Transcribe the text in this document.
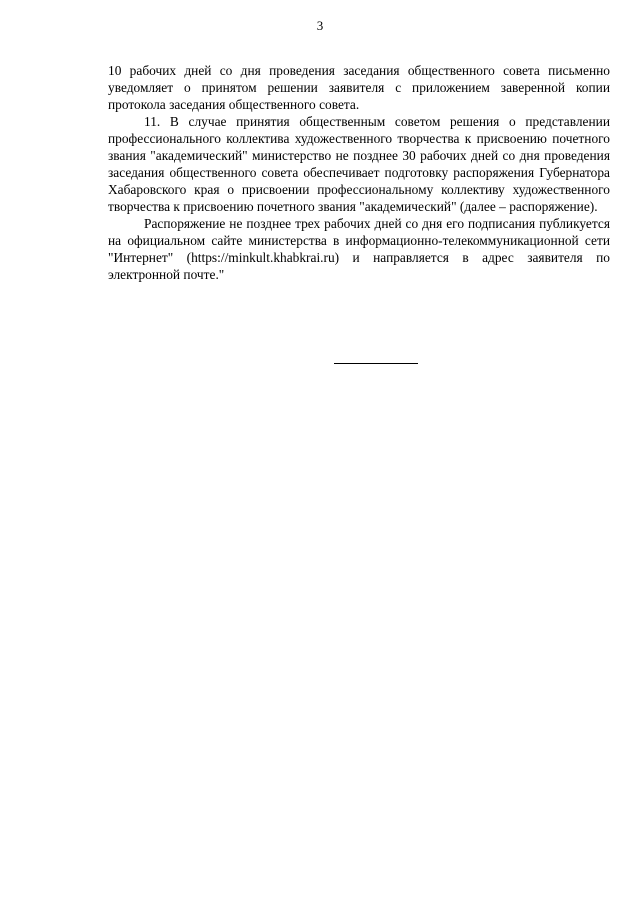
3

10 рабочих дней со дня проведения заседания общественного совета письменно уведомляет о принятом решении заявителя с приложением заверенной копии протокола заседания общественного совета.

11. В случае принятия общественным советом решения о представлении профессионального коллектива художественного творчества к присвоению почетного звания "академический" министерство не позднее 30 рабочих дней со дня проведения заседания общественного совета обеспечивает подготовку распоряжения Губернатора Хабаровского края о присвоении профессиональному коллективу художественного творчества к присвоению почетного звания "академический" (далее – распоряжение).

Распоряжение не позднее трех рабочих дней со дня его подписания публикуется на официальном сайте министерства в информационно-телекоммуникационной сети "Интернет" (https://minkult.khabkrai.ru) и направляется в адрес заявителя по электронной почте."
